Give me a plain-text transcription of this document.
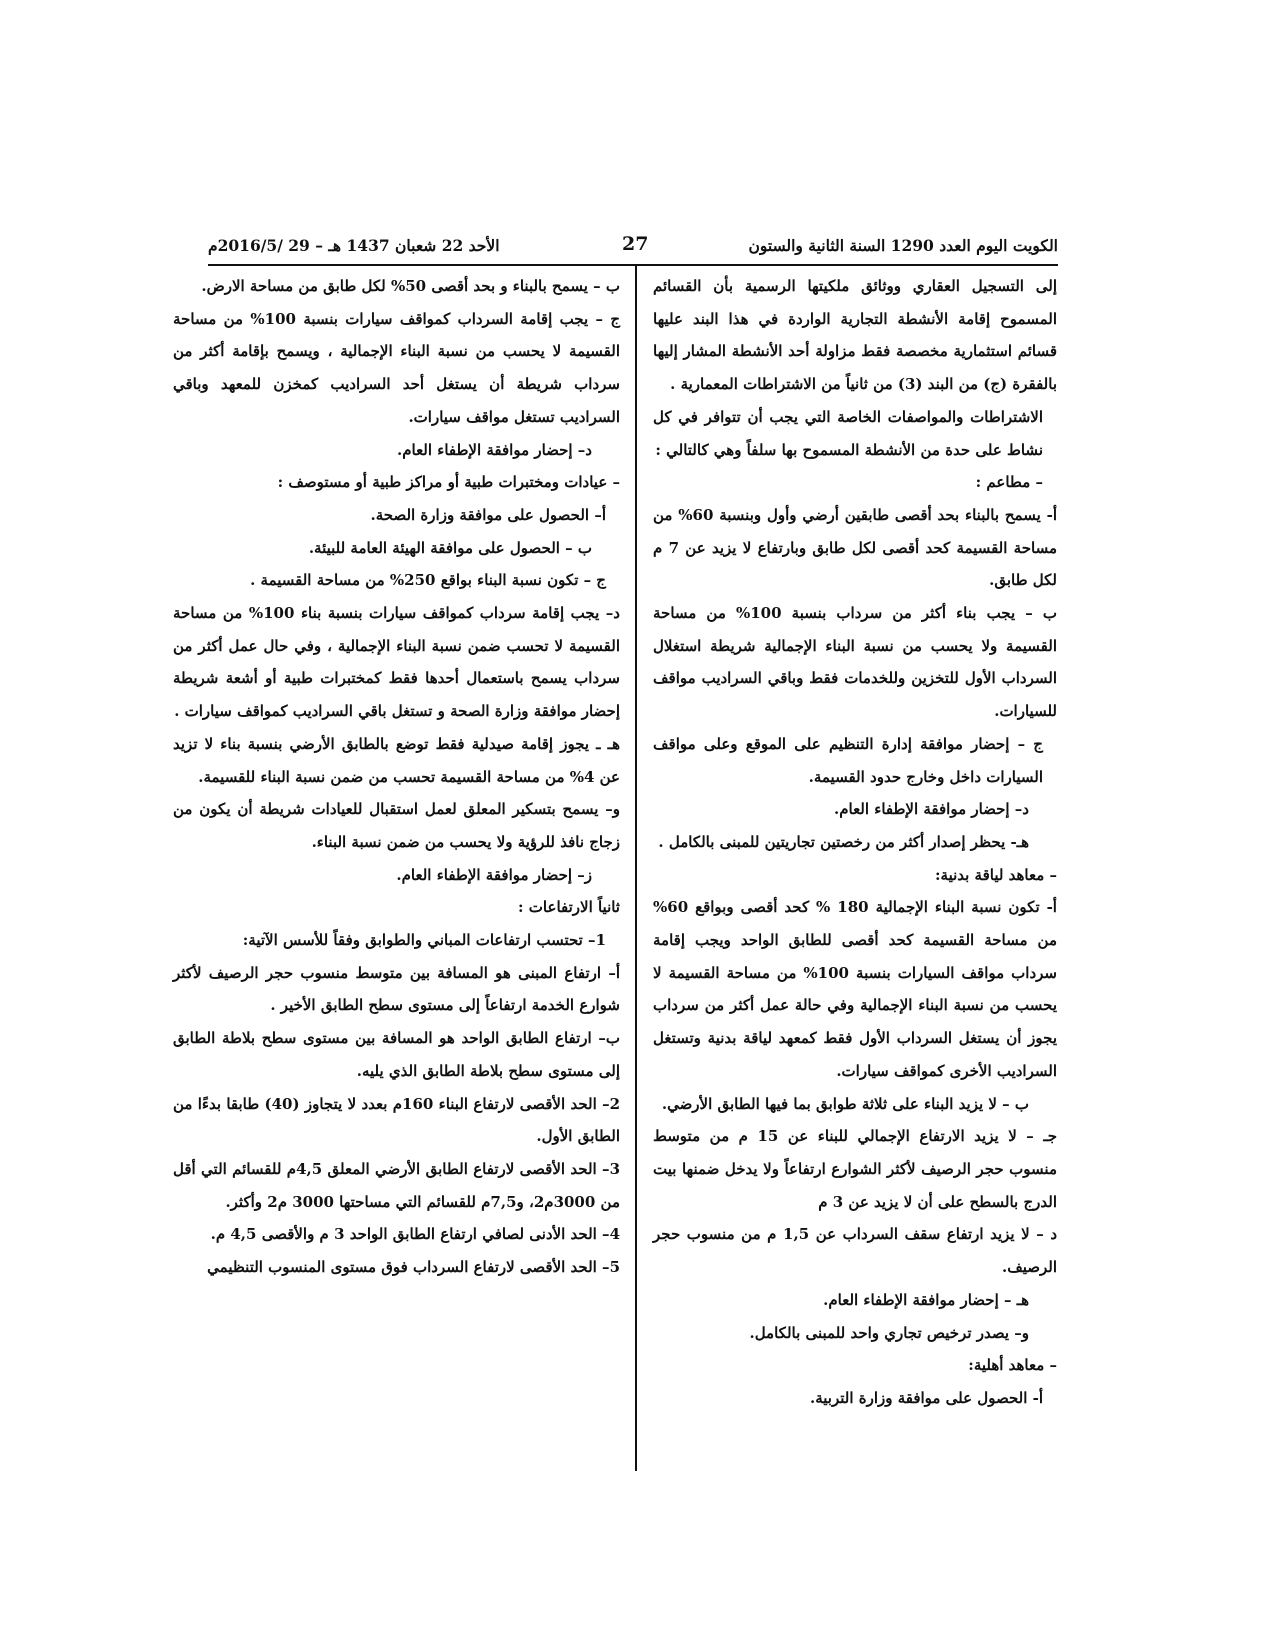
الكويت اليوم العدد 1290 السنة الثانية والستون
27
الأحد 22 شعبان 1437 هـ – 29 /2016/5م

إلى التسجيل العقاري ووثائق ملكيتها الرسمية بأن القسائم المسموح إقامة الأنشطة التجارية الواردة في هذا البند عليها قسائم استثمارية مخصصة فقط مزاولة أحد الأنشطة المشار إليها بالفقرة (ج) من البند (3) من ثانياً من الاشتراطات المعمارية .

الاشتراطات والمواصفات الخاصة التي يجب أن تتوافر في كل نشاط على حدة من الأنشطة المسموح بها سلفاً وهي كالتالي :

– مطاعم :

أ- يسمح بالبناء بحد أقصى طابقين أرضي وأول وبنسبة 60% من مساحة القسيمة كحد أقصى لكل طابق وبارتفاع لا يزيد عن 7 م لكل طابق.

ب – يجب بناء أكثر من سرداب بنسبة 100% من مساحة القسيمة ولا يحسب من نسبة البناء الإجمالية شريطة استغلال السرداب الأول للتخزين وللخدمات فقط وباقي السراديب مواقف للسيارات.

ج – إحضار موافقة إدارة التنظيم على الموقع وعلى مواقف السيارات داخل وخارج حدود القسيمة.

د– إحضار موافقة الإطفاء العام.

هـ- يحظر إصدار أكثر من رخصتين تجاريتين للمبنى بالكامل .

– معاهد لياقة بدنية:

أ- تكون نسبة البناء الإجمالية 180 % كحد أقصى وبواقع 60% من مساحة القسيمة كحد أقصى للطابق الواحد ويجب إقامة سرداب مواقف السيارات بنسبة 100% من مساحة القسيمة لا يحسب من نسبة البناء الإجمالية وفي حالة عمل أكثر من سرداب يجوز أن يستغل السرداب الأول فقط كمعهد لياقة بدنية وتستغل السراديب الأخرى كمواقف سيارات.

ب – لا يزيد البناء على ثلاثة طوابق بما فيها الطابق الأرضي.

جـ – لا يزيد الارتفاع الإجمالي للبناء عن 15 م من متوسط منسوب حجر الرصيف لأكثر الشوارع ارتفاعاً ولا يدخل ضمنها بيت الدرج بالسطح على أن لا يزيد عن 3 م

د – لا يزيد ارتفاع سقف السرداب عن 1,5 م من منسوب حجر الرصيف.

هـ – إحضار موافقة الإطفاء العام.

و– يصدر ترخيص تجاري واحد للمبنى بالكامل.

– معاهد أهلية:

أ- الحصول على موافقة وزارة التربية.

ب – يسمح بالبناء و بحد أقصى 50% لكل طابق من مساحة الارض.

ج – يجب إقامة السرداب كمواقف سيارات بنسبة 100% من مساحة القسيمة لا يحسب من نسبة البناء الإجمالية ، ويسمح بإقامة أكثر من سرداب شريطة أن يستغل أحد السراديب كمخزن للمعهد وباقي السراديب تستغل مواقف سيارات.

د– إحضار موافقة الإطفاء العام.

– عيادات ومختبرات طبية أو مراكز طبية أو مستوصف :

أ– الحصول على موافقة وزارة الصحة.

ب – الحصول على موافقة الهيئة العامة للبيئة.

ج – تكون نسبة البناء بواقع 250% من مساحة القسيمة .

د– يجب إقامة سرداب كمواقف سيارات بنسبة بناء 100% من مساحة القسيمة لا تحسب ضمن نسبة البناء الإجمالية ، وفي حال عمل أكثر من سرداب يسمح باستعمال أحدها فقط كمختبرات طبية أو أشعة شريطة إحضار موافقة وزارة الصحة و تستغل باقي السراديب كمواقف سيارات .

هـ ـ يجوز إقامة صيدلية فقط توضع بالطابق الأرضي بنسبة بناء لا تزيد عن 4% من مساحة القسيمة تحسب من ضمن نسبة البناء للقسيمة.

و– يسمح بتسكير المعلق لعمل استقبال للعيادات شريطة أن يكون من زجاج نافذ للرؤية ولا يحسب من ضمن نسبة البناء.

ز– إحضار موافقة الإطفاء العام.

ثانياً الارتفاعات :

1– تحتسب ارتفاعات المباني والطوابق وفقاً للأسس الآتية:

أ– ارتفاع المبنى هو المسافة بين متوسط منسوب حجر الرصيف لأكثر شوارع الخدمة ارتفاعاً إلى مستوى سطح الطابق الأخير .

ب– ارتفاع الطابق الواحد هو المسافة بين مستوى سطح بلاطة الطابق إلى مستوى سطح بلاطة الطابق الذي يليه.

2– الحد الأقصى لارتفاع البناء 160م بعدد لا يتجاوز (40) طابقا بدءًا من الطابق الأول.

3– الحد الأقصى لارتفاع الطابق الأرضي المعلق 4,5م للقسائم التي أقل من 3000م2، و7,5م للقسائم التي مساحتها 3000 م2 وأكثر.

4– الحد الأدنى لصافي ارتفاع الطابق الواحد 3 م والأقصى 4,5 م.

5– الحد الأقصى لارتفاع السرداب فوق مستوى المنسوب التنظيمي
